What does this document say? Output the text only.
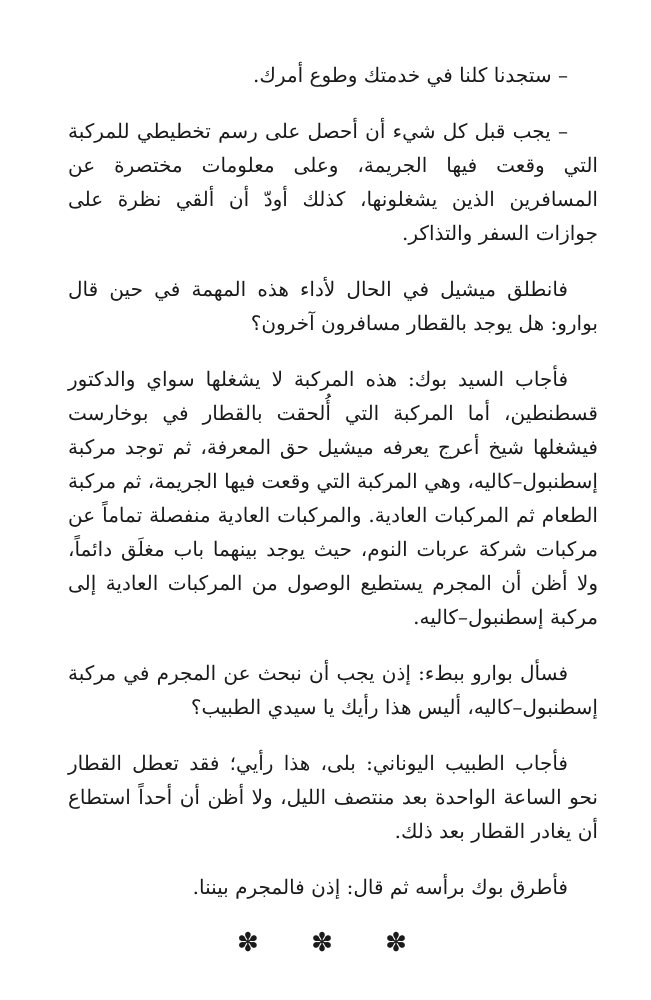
– ستجدنا كلنا في خدمتك وطوع أمرك.

– يجب قبل كل شيء أن أحصل على رسم تخطيطي للمركبة التي وقعت فيها الجريمة، وعلى معلومات مختصرة عن المسافرين الذين يشغلونها، كذلك أودّ أن ألقي نظرة على جوازات السفر والتذاكر.

فانطلق ميشيل في الحال لأداء هذه المهمة في حين قال بوارو: هل يوجد بالقطار مسافرون آخرون؟

فأجاب السيد بوك: هذه المركبة لا يشغلها سواي والدكتور قسطنطين، أما المركبة التي أُلحقت بالقطار في بوخارست فيشغلها شيخ أعرج يعرفه ميشيل حق المعرفة، ثم توجد مركبة إسطنبول–كاليه، وهي المركبة التي وقعت فيها الجريمة، ثم مركبة الطعام ثم المركبات العادية. والمركبات العادية منفصلة تماماً عن مركبات شركة عربات النوم، حيث يوجد بينهما باب مغلَق دائماً، ولا أظن أن المجرم يستطيع الوصول من المركبات العادية إلى مركبة إسطنبول–كاليه.

فسأل بوارو ببطء: إذن يجب أن نبحث عن المجرم في مركبة إسطنبول–كاليه، أليس هذا رأيك يا سيدي الطبيب؟

فأجاب الطبيب اليوناني: بلى، هذا رأيي؛ فقد تعطل القطار نحو الساعة الواحدة بعد منتصف الليل، ولا أظن أن أحداً استطاع أن يغادر القطار بعد ذلك.

فأطرق بوك برأسه ثم قال: إذن فالمجرم بيننا.

✽ ✽ ✽
